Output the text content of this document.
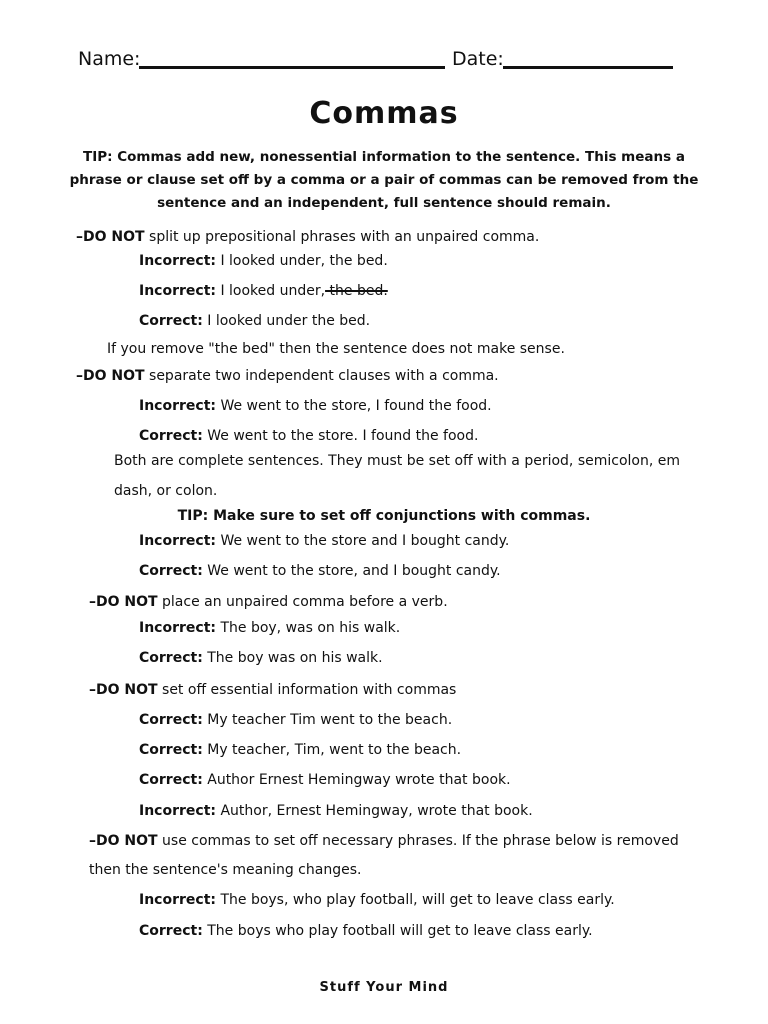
Name:	Date:
Commas
TIP: Commas add new, nonessential information to the sentence. This means a phrase or clause set off by a comma or a pair of commas can be removed from the sentence and an independent, full sentence should remain.
–DO NOT split up prepositional phrases with an unpaired comma.
Incorrect: I looked under, the bed.
Incorrect: I looked under, the bed.
Correct: I looked under the bed.
If you remove "the bed" then the sentence does not make sense.
–DO NOT separate two independent clauses with a comma.
Incorrect: We went to the store, I found the food.
Correct: We went to the store. I found the food.
Both are complete sentences. They must be set off with a period, semicolon, em
dash, or colon.
TIP: Make sure to set off conjunctions with commas.
Incorrect: We went to the store and I bought candy.
Correct: We went to the store, and I bought candy.
–DO NOT place an unpaired comma before a verb.
Incorrect: The boy, was on his walk.
Correct: The boy was on his walk.
–DO NOT set off essential information with commas
Correct: My teacher Tim went to the beach.
Correct: My teacher, Tim, went to the beach.
Correct: Author Ernest Hemingway wrote that book.
Incorrect: Author, Ernest Hemingway, wrote that book.
–DO NOT use commas to set off necessary phrases. If the phrase below is removed
then the sentence's meaning changes.
Incorrect: The boys, who play football, will get to leave class early.
Correct: The boys who play football will get to leave class early.
Stuff Your Mind
